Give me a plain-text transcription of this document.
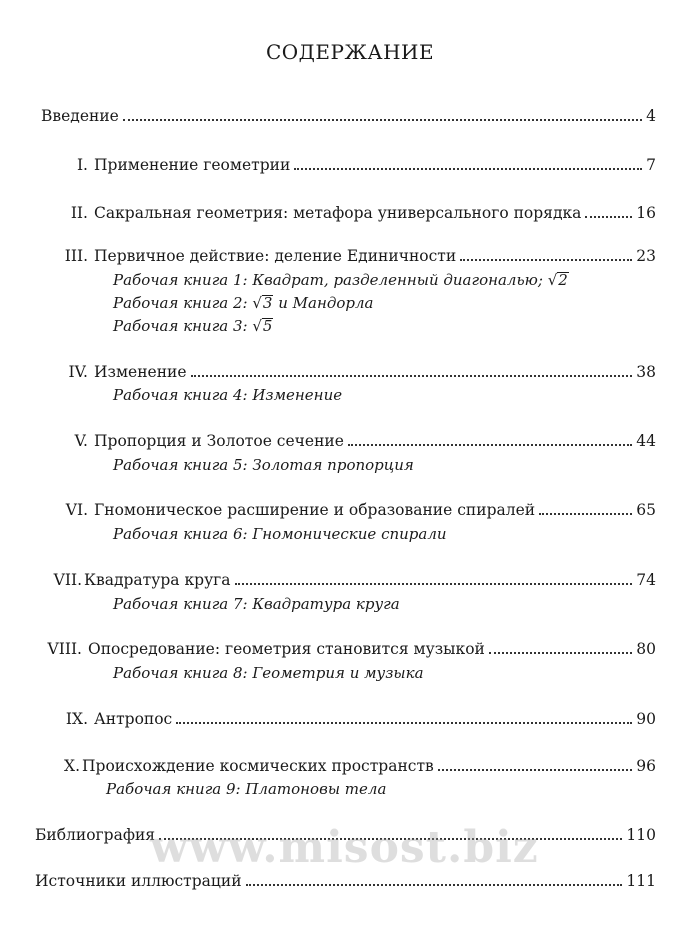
СОДЕРЖАНИЕ
Введение	4
I. Применение геометрии	7
II. Сакральная геометрия: метафора универсального порядка	16
III. Первичное действие: деление Единичности	23
Рабочая книга 1: Квадрат, разделенный диагональю; √2
Рабочая книга 2: √3 и Мандорла
Рабочая книга 3: √5
IV. Изменение	38
Рабочая книга 4: Изменение
V. Пропорция и Золотое сечение	44
Рабочая книга 5: Золотая пропорция
VI. Гномоническое расширение и образование спиралей	65
Рабочая книга 6: Гномонические спирали
VII. Квадратура круга	74
Рабочая книга 7: Квадратура круга
VIII. Опосредование: геометрия становится музыкой	80
Рабочая книга 8: Геометрия и музыка
IX. Антропос	90
X. Происхождение космических пространств	96
Рабочая книга 9: Платоновы тела
Библиография	110
Источники иллюстраций	111
www.misost.biz
